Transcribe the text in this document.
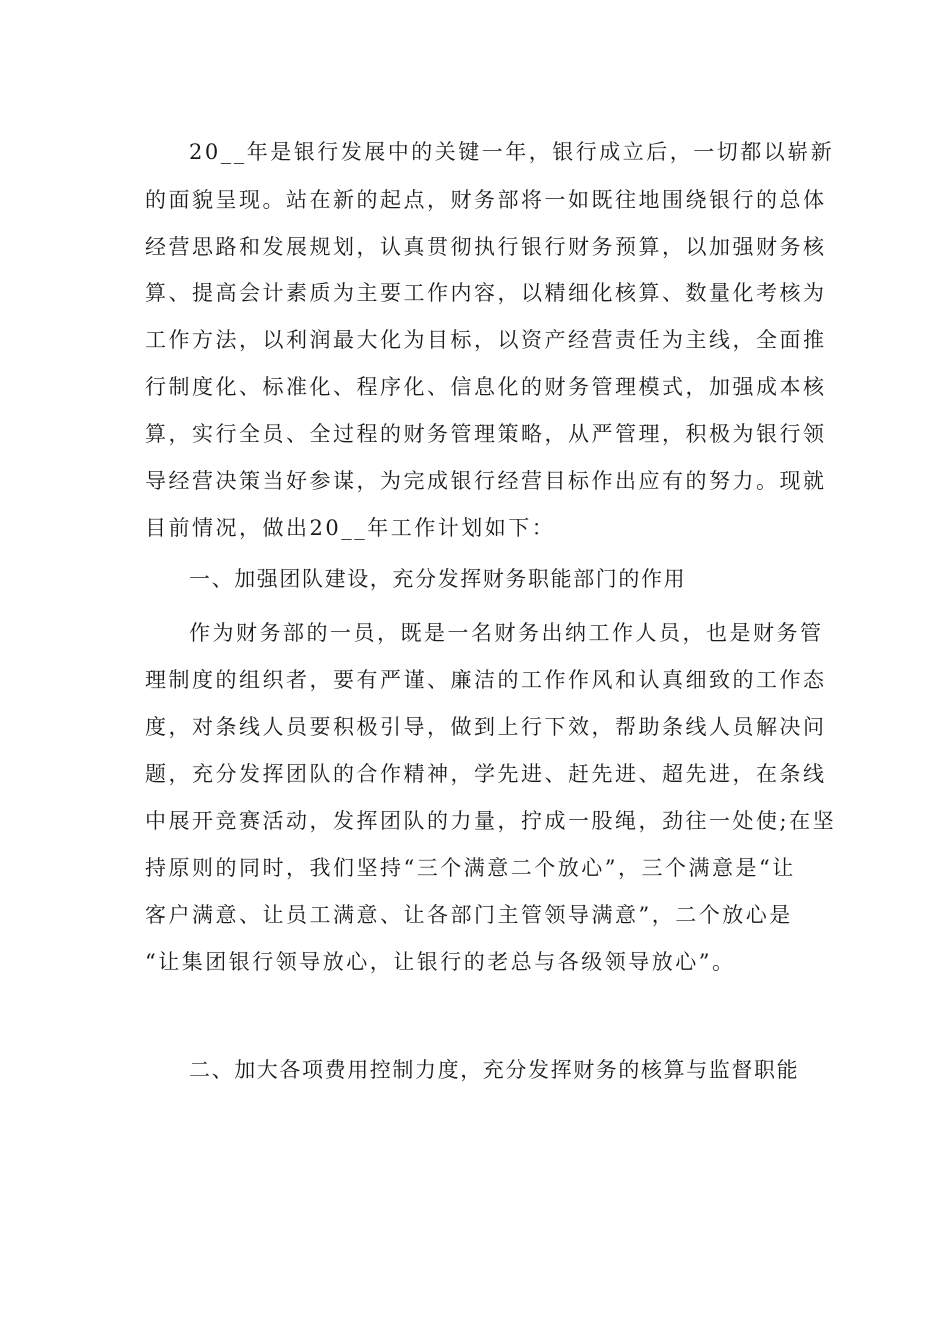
20__年是银行发展中的关键一年，银行成立后，一切都以崭新
的面貌呈现。站在新的起点，财务部将一如既往地围绕银行的总体
经营思路和发展规划，认真贯彻执行银行财务预算，以加强财务核
算、提高会计素质为主要工作内容，以精细化核算、数量化考核为
工作方法，以利润最大化为目标，以资产经营责任为主线，全面推
行制度化、标准化、程序化、信息化的财务管理模式，加强成本核
算，实行全员、全过程的财务管理策略，从严管理，积极为银行领
导经营决策当好参谋，为完成银行经营目标作出应有的努力。现就
目前情况，做出20__年工作计划如下：
一、加强团队建设，充分发挥财务职能部门的作用
作为财务部的一员，既是一名财务出纳工作人员，也是财务管
理制度的组织者，要有严谨、廉洁的工作作风和认真细致的工作态
度，对条线人员要积极引导，做到上行下效，帮助条线人员解决问
题，充分发挥团队的合作精神，学先进、赶先进、超先进，在条线
中展开竞赛活动，发挥团队的力量，拧成一股绳，劲往一处使;在坚
持原则的同时，我们坚持“三个满意二个放心”，三个满意是“让
客户满意、让员工满意、让各部门主管领导满意”，二个放心是
“让集团银行领导放心，让银行的老总与各级领导放心”。
二、加大各项费用控制力度，充分发挥财务的核算与监督职能
